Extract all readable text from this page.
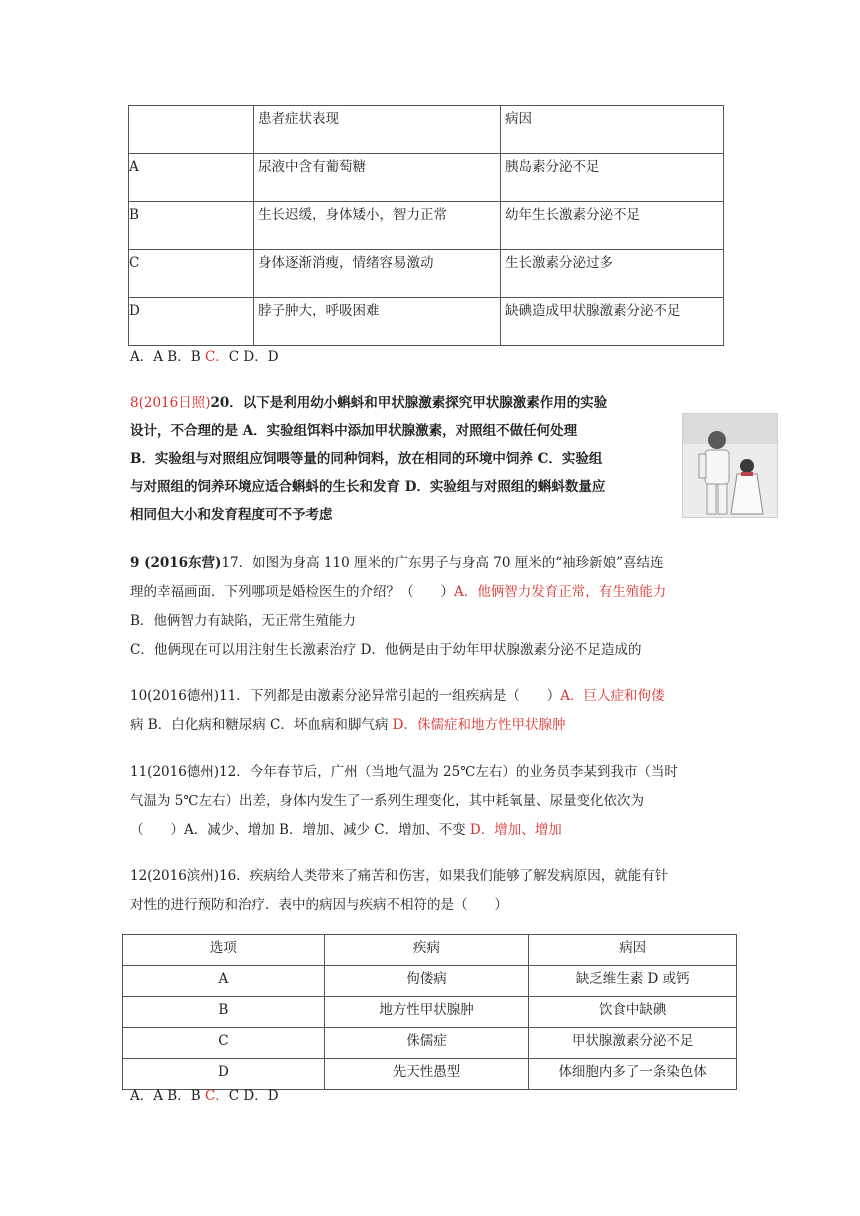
	患者症状表现	病因
A	尿液中含有葡萄糖	胰岛素分泌不足
B	生长迟缓，身体矮小，智力正常	幼年生长激素分泌不足
C	身体逐渐消瘦，情绪容易激动	生长激素分泌过多
D	脖子肿大，呼吸困难	缺碘造成甲状腺激素分泌不足
A．A B．B C．C D．D
8(2016日照)20．以下是利用幼小蝌蚪和甲状腺激素探究甲状腺激素作用的实验
设计，不合理的是 A．实验组饵料中添加甲状腺激素，对照组不做任何处理
B．实验组与对照组应饲喂等量的同种饲料，放在相同的环境中饲养 C．实验组
与对照组的饲养环境应适合蝌蚪的生长和发育 D．实验组与对照组的蝌蚪数量应
相同但大小和发育程度可不予考虑
9 (2016东营)17．如图为身高 110 厘米的广东男子与身高 70 厘米的“袖珍新娘”喜结连
理的幸福画面．下列哪项是婚检医生的介绍？（　　）A．他俩智力发育正常，有生殖能力
B．他俩智力有缺陷，无正常生殖能力
C．他俩现在可以用注射生长激素治疗 D．他俩是由于幼年甲状腺激素分泌不足造成的
10(2016德州)11．下列都是由激素分泌异常引起的一组疾病是（　　）A．巨人症和佝偻
病 B．白化病和糖尿病 C．坏血病和脚气病 D．侏儒症和地方性甲状腺肿
11(2016德州)12．今年春节后，广州（当地气温为 25℃左右）的业务员李某到我市（当时
气温为 5℃左右）出差，身体内发生了一系列生理变化，其中耗氧量、尿量变化依次为
（　　）A．减少、增加 B．增加、减少 C．增加、不变 D．增加、增加
12(2016滨州)16．疾病给人类带来了痛苦和伤害，如果我们能够了解发病原因，就能有针
对性的进行预防和治疗．表中的病因与疾病不相符的是（　　）
选项	疾病	病因
A	佝偻病	缺乏维生素 D 或钙
B	地方性甲状腺肿	饮食中缺碘
C	侏儒症	甲状腺激素分泌不足
D	先天性愚型	体细胞内多了一条染色体
A．A B．B C．C D．D
